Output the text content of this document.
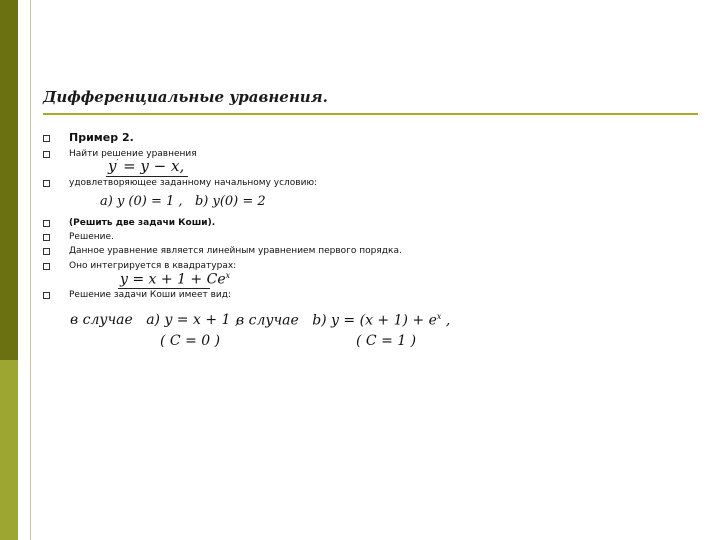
Дифференциальные уравнения.
Пример 2.
Найти решение уравнения
y′ = y − x,
удовлетворяющее заданному начальному условию:
a) y (0) = 1 , b) y(0) = 2
(Решить две задачи Коши).
Решение.
Данное уравнение является линейным уравнением первого порядка.
Оно интегрируется в квадратурах:
$y = x + 1 + Ce^x$
Решение задачи Коши имеет вид:
в случае a) y = x + 1 ,
в случае b) $y = (x + 1) + e^x$ ,
( C = 0 )	( C = 1 )
